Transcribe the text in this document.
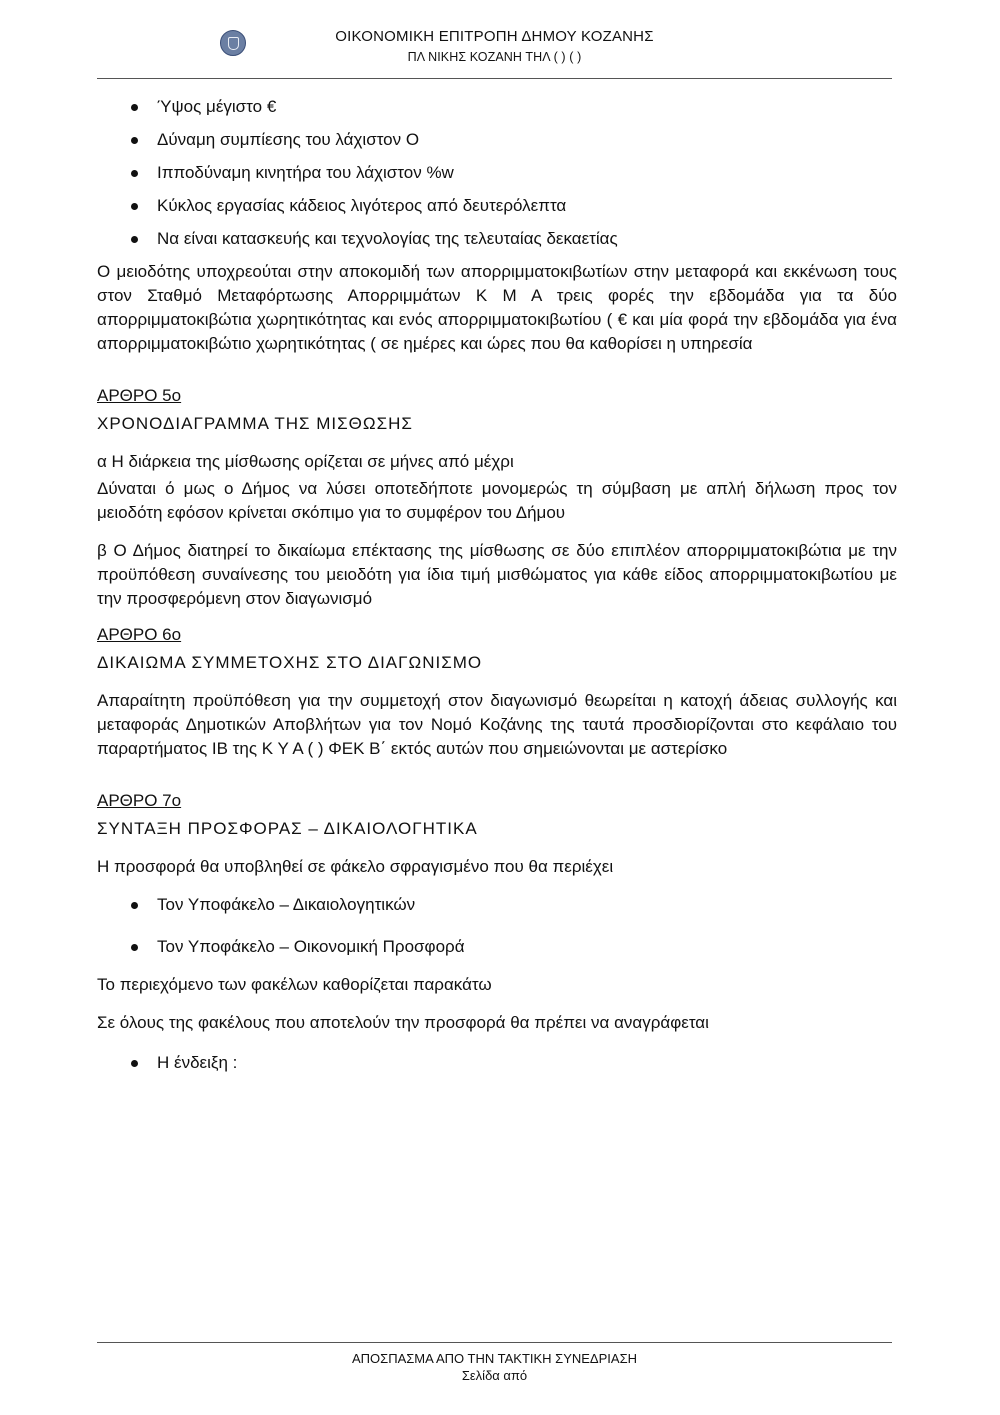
ΟΙΚΟΝΟΜΙΚΗ ΕΠΙΤΡΟΠΗ ΔΗΜΟΥ ΚΟΖΑΝΗΣ
ΠΛ ΝΙΚΗΣ ΚΟΖΑΝΗ ΤΗΛ ( ) ( )
Ύψος μέγιστο €
Δύναμη συμπίεσης του λάχιστον Ο
Ιπποδύναμη κινητήρα του λάχιστον %w
Κύκλος εργασίας κάδειος λιγότερος από δευτερόλεπτα
Να είναι κατασκευής και τεχνολογίας της τελευταίας δεκαετίας

Ο μειοδότης υποχρεούται στην αποκομιδή των απορριμματοκιβωτίων στην μεταφορά και εκκένωση τους στον Σταθμό Μεταφόρτωσης Απορριμμάτων Κ Μ Α τρεις φορές την εβδομάδα για τα δύο απορριμματοκιβώτια χωρητικότητας και ενός απορριμματοκιβωτίου ( € και μία φορά την εβδομάδα για ένα απορριμματοκιβώτιο χωρητικότητας ( σε ημέρες και ώρες που θα καθορίσει η υπηρεσία

ΑΡΘΡΟ 5ο

ΧΡΟΝΟΔΙΑΓΡΑΜΜΑ ΤΗΣ ΜΙΣΘΩΣΗΣ

α Η διάρκεια της μίσθωσης ορίζεται σε μήνες από μέχρι

Δύναται ό μως ο Δήμος να λύσει οποτεδήποτε μονομερώς τη σύμβαση με απλή δήλωση προς τον μειοδότη εφόσον κρίνεται σκόπιμο για το συμφέρον του Δήμου

β Ο Δήμος διατηρεί το δικαίωμα επέκτασης της μίσθωσης σε δύο επιπλέον απορριμματοκιβώτια με την προϋπόθεση συναίνεσης του μειοδότη για ίδια τιμή μισθώματος για κάθε είδος απορριμματοκιβωτίου με την προσφερόμενη στον διαγωνισμό

ΑΡΘΡΟ 6ο

ΔΙΚΑΙΩΜΑ ΣΥΜΜΕΤΟΧΗΣ ΣΤΟ ΔΙΑΓΩΝΙΣΜΟ

Απαραίτητη προϋπόθεση για την συμμετοχή στον διαγωνισμό θεωρείται η κατοχή άδειας συλλογής και μεταφοράς Δημοτικών Αποβλήτων για τον Νομό Κοζάνης της ταυτά προσδιορίζονται στο κεφάλαιο του παραρτήματος ΙΒ της Κ Υ Α ( ) ΦΕΚ Β΄ εκτός αυτών που σημειώνονται με αστερίσκο

ΑΡΘΡΟ 7ο

ΣΥΝΤΑΞΗ ΠΡΟΣΦΟΡΑΣ – ΔΙΚΑΙΟΛΟΓΗΤΙΚΑ

Η προσφορά θα υποβληθεί σε φάκελο σφραγισμένο που θα περιέχει

Τον Υποφάκελο – Δικαιολογητικών
Τον Υποφάκελο – Οικονομική Προσφορά

Το περιεχόμενο των φακέλων καθορίζεται παρακάτω

Σε όλους της φακέλους που αποτελούν την προσφορά θα πρέπει να αναγράφεται

Η ένδειξη :
ΑΠΟΣΠΑΣΜΑ ΑΠΟ ΤΗΝ ΤΑΚΤΙΚΗ ΣΥΝΕΔΡΙΑΣΗ
Σελίδα από
